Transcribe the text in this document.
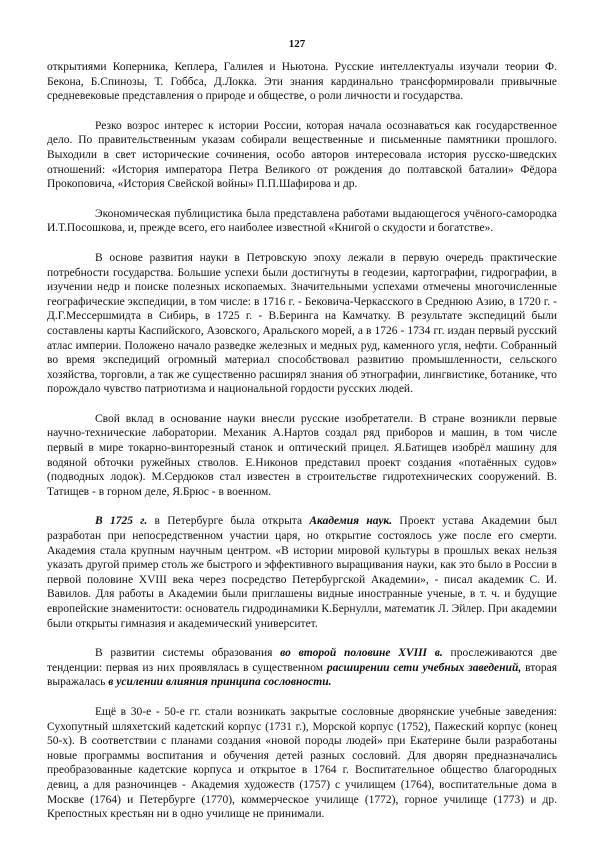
127

открытиями Коперника, Кеплера, Галилея и Ньютона. Русские интеллектуалы изучали теории Ф. Бекона, Б.Спинозы, Т. Гоббса, Д.Локка. Эти знания кардинально трансформировали привычные средневековые представления о природе и обществе, о роли личности и государства.

Резко возрос интерес к истории России, которая начала осознаваться как государственное дело. По правительственным указам собирали вещественные и письменные памятники прошлого. Выходили в свет исторические сочинения, особо авторов интересовала история русско-шведских отношений: «История императора Петра Великого от рождения до полтавской баталии» Фёдора Прокоповича, «История Свейской войны» П.П.Шафирова и др.

Экономическая публицистика была представлена работами выдающегося учёного-самородка И.Т.Посошкова, и, прежде всего, его наиболее известной «Книгой о скудости и богатстве».

В основе развития науки в Петровскую эпоху лежали в первую очередь практические потребности государства. Большие успехи были достигнуты в геодезии, картографии, гидрографии, в изучении недр и поиске полезных ископаемых. Значительными успехами отмечены многочисленные географические экспедиции, в том числе: в 1716 г. - Бековича-Черкасского в Среднюю Азию, в 1720 г. - Д.Г.Мессершмидта в Сибирь, в 1725 г. - В.Беринга на Камчатку. В результате экспедиций были составлены карты Каспийского, Азовского, Аральского морей, а в 1726 - 1734 гг. издан первый русский атлас империи. Положено начало разведке железных и медных руд, каменного угля, нефти. Собранный во время экспедиций огромный материал способствовал развитию промышленности, сельского хозяйства, торговли, а так же существенно расширял знания об этнографии, лингвистике, ботанике, что порождало чувство патриотизма и национальной гордости русских людей.

Свой вклад в основание науки внесли русские изобретатели. В стране возникли первые научно-технические лаборатории. Механик А.Нартов создал ряд приборов и машин, в том числе первый в мире токарно-винторезный станок и оптический прицел. Я.Батищев изобрёл машину для водяной обточки ружейных стволов. Е.Никонов представил проект создания «потаённых судов» (подводных лодок). М.Сердюков стал известен в строительстве гидротехнических сооружений. В. Татищев - в горном деле, Я.Брюс - в военном.

В 1725 г. в Петербурге была открыта Академия наук. Проект устава Академии был разработан при непосредственном участии царя, но открытие состоялось уже после его смерти. Академия стала крупным научным центром. «В истории мировой культуры в прошлых веках нельзя указать другой пример столь же быстрого и эффективного выращивания науки, как это было в России в первой половине XVIII века через посредство Петербургской Академии», - писал академик С. И. Вавилов. Для работы в Академии были приглашены видные иностранные ученые, в т. ч. и будущие европейские знаменитости: основатель гидродинамики К.Бернулли, математик Л. Эйлер. При академии были открыты гимназия и академический университет.

В развитии системы образования во второй половине XVIII в. прослеживаются две тенденции: первая из них проявлялась в существенном расширении сети учебных заведений, вторая выражалась в усилении влияния принципа сословности.

Ещё в 30-е - 50-е гг. стали возникать закрытые сословные дворянские учебные заведения: Сухопутный шляхетский кадетский корпус (1731 г.), Морской корпус (1752), Пажеский корпус (конец 50-х). В соответствии с планами создания «новой породы людей» при Екатерине были разработаны новые программы воспитания и обучения детей разных сословий. Для дворян предназначались преобразованные кадетские корпуса и открытое в 1764 г. Воспитательное общество благородных девиц, а для разночинцев - Академия художеств (1757) с училищем (1764), воспитательные дома в Москве (1764) и Петербурге (1770), коммерческое училище (1772), горное училище (1773) и др. Крепостных крестьян ни в одно училище не принимали.
